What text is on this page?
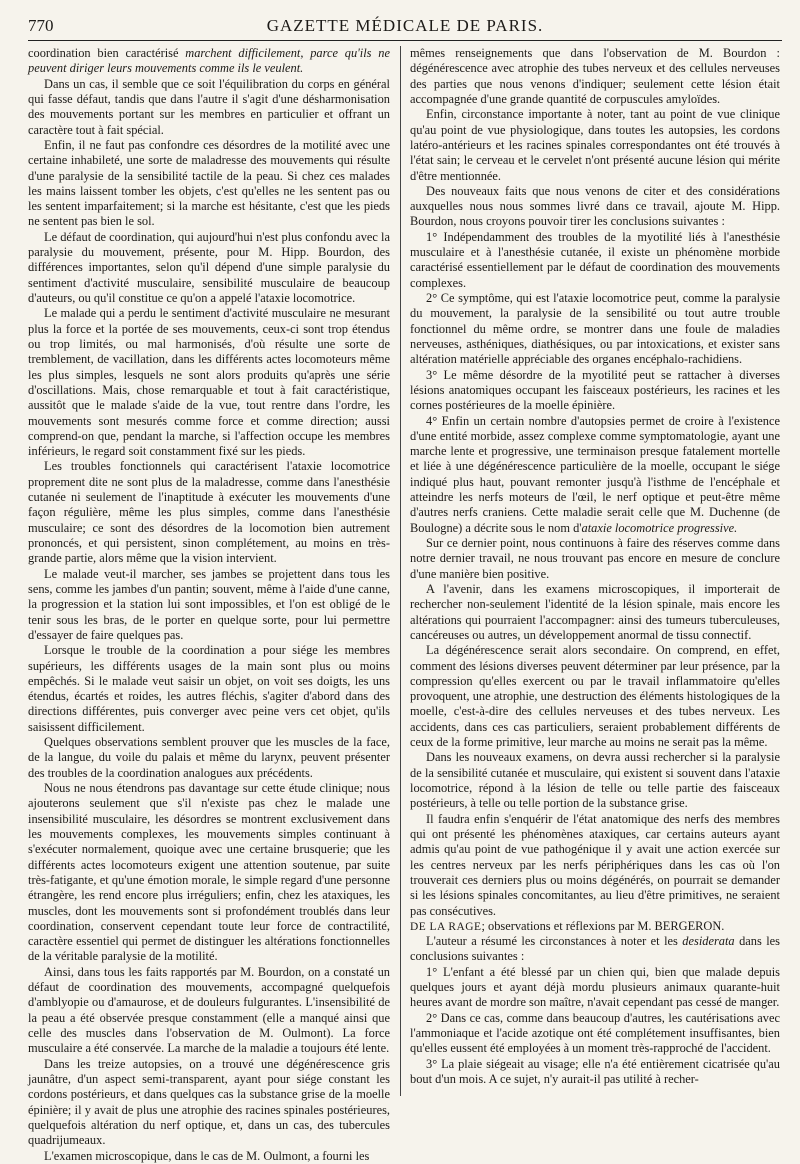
770	GAZETTE MÉDICALE DE PARIS.

coordination bien caractérisé marchent difficilement, parce qu'ils ne peuvent diriger leurs mouvements comme ils le veulent.

Dans un cas, il semble que ce soit l'équilibration du corps en général qui fasse défaut, tandis que dans l'autre il s'agit d'une désharmonisation des mouvements portant sur les membres en particulier et offrant un caractère tout à fait spécial.

Enfin, il ne faut pas confondre ces désordres de la motilité avec une certaine inhabileté, une sorte de maladresse des mouvements qui résulte d'une paralysie de la sensibilité tactile de la peau. Si chez ces malades les mains laissent tomber les objets, c'est qu'elles ne les sentent pas ou les sentent imparfaitement; si la marche est hésitante, c'est que les pieds ne sentent pas bien le sol.

Le défaut de coordination, qui aujourd'hui n'est plus confondu avec la paralysie du mouvement, présente, pour M. Hipp. Bourdon, des différences importantes, selon qu'il dépend d'une simple paralysie du sentiment d'activité musculaire, sensibilité musculaire de beaucoup d'auteurs, ou qu'il constitue ce qu'on a appelé l'ataxie locomotrice.

Le malade qui a perdu le sentiment d'activité musculaire ne mesurant plus la force et la portée de ses mouvements, ceux-ci sont trop étendus ou trop limités, ou mal harmonisés, d'où résulte une sorte de tremblement, de vacillation, dans les différents actes locomoteurs même les plus simples, lesquels ne sont alors produits qu'après une série d'oscillations. Mais, chose remarquable et tout à fait caractéristique, aussitôt que le malade s'aide de la vue, tout rentre dans l'ordre, les mouvements sont mesurés comme force et comme direction; aussi comprend-on que, pendant la marche, si l'affection occupe les membres inférieurs, le regard soit constamment fixé sur les pieds.

Les troubles fonctionnels qui caractérisent l'ataxie locomotrice proprement dite ne sont plus de la maladresse, comme dans l'anesthésie cutanée ni seulement de l'inaptitude à exécuter les mouvements d'une façon régulière, même les plus simples, comme dans l'anesthésie musculaire; ce sont des désordres de la locomotion bien autrement prononcés, et qui persistent, sinon complétement, au moins en très-grande partie, alors même que la vision intervient.

Le malade veut-il marcher, ses jambes se projettent dans tous les sens, comme les jambes d'un pantin; souvent, même à l'aide d'une canne, la progression et la station lui sont impossibles, et l'on est obligé de le tenir sous les bras, de le porter en quelque sorte, pour lui permettre d'essayer de faire quelques pas.

Lorsque le trouble de la coordination a pour siége les membres supérieurs, les différents usages de la main sont plus ou moins empêchés. Si le malade veut saisir un objet, on voit ses doigts, les uns étendus, écartés et roides, les autres fléchis, s'agiter d'abord dans des directions différentes, puis converger avec peine vers cet objet, qu'ils saisissent difficilement.

Quelques observations semblent prouver que les muscles de la face, de la langue, du voile du palais et même du larynx, peuvent présenter des troubles de la coordination analogues aux précédents.

Nous ne nous étendrons pas davantage sur cette étude clinique; nous ajouterons seulement que s'il n'existe pas chez le malade une insensibilité musculaire, les désordres se montrent exclusivement dans les mouvements complexes, les mouvements simples continuant à s'exécuter normalement, quoique avec une certaine brusquerie; que les différents actes locomoteurs exigent une attention soutenue, par suite très-fatigante, et qu'une émotion morale, le simple regard d'une personne étrangère, les rend encore plus irréguliers; enfin, chez les ataxiques, les muscles, dont les mouvements sont si profondément troublés dans leur coordination, conservent cependant toute leur force de contractilité, caractère essentiel qui permet de distinguer les altérations fonctionnelles de la véritable paralysie de la motilité.

Ainsi, dans tous les faits rapportés par M. Bourdon, on a constaté un défaut de coordination des mouvements, accompagné quelquefois d'amblyopie ou d'amaurose, et de douleurs fulgurantes. L'insensibilité de la peau a été observée presque constamment (elle a manqué ainsi que celle des muscles dans l'observation de M. Oulmont). La force musculaire a été conservée. La marche de la maladie a toujours été lente.

Dans les treize autopsies, on a trouvé une dégénérescence gris jaunâtre, d'un aspect semi-transparent, ayant pour siége constant les cordons postérieurs, et dans quelques cas la substance grise de la moelle épinière; il y avait de plus une atrophie des racines spinales postérieures, quelquefois altération du nerf optique, et, dans un cas, des tubercules quadrijumeaux.

L'examen microscopique, dans le cas de M. Oulmont, a fourni les

mêmes renseignements que dans l'observation de M. Bourdon : dégénérescence avec atrophie des tubes nerveux et des cellules nerveuses des parties que nous venons d'indiquer; seulement cette lésion était accompagnée d'une grande quantité de corpuscules amyloïdes.

Enfin, circonstance importante à noter, tant au point de vue clinique qu'au point de vue physiologique, dans toutes les autopsies, les cordons latéro-antérieurs et les racines spinales correspondantes ont été trouvés à l'état sain; le cerveau et le cervelet n'ont présenté aucune lésion qui mérite d'être mentionnée.

Des nouveaux faits que nous venons de citer et des considérations auxquelles nous nous sommes livré dans ce travail, ajoute M. Hipp. Bourdon, nous croyons pouvoir tirer les conclusions suivantes :

1° Indépendamment des troubles de la myotilité liés à l'anesthésie musculaire et à l'anesthésie cutanée, il existe un phénomène morbide caractérisé essentiellement par le défaut de coordination des mouvements complexes.

2° Ce symptôme, qui est l'ataxie locomotrice peut, comme la paralysie du mouvement, la paralysie de la sensibilité ou tout autre trouble fonctionnel du même ordre, se montrer dans une foule de maladies nerveuses, asthéniques, diathésiques, ou par intoxications, et exister sans altération matérielle appréciable des organes encéphalo-rachidiens.

3° Le même désordre de la myotilité peut se rattacher à diverses lésions anatomiques occupant les faisceaux postérieurs, les racines et les cornes postérieures de la moelle épinière.

4° Enfin un certain nombre d'autopsies permet de croire à l'existence d'une entité morbide, assez complexe comme symptomatologie, ayant une marche lente et progressive, une terminaison presque fatalement mortelle et liée à une dégénérescence particulière de la moelle, occupant le siége indiqué plus haut, pouvant remonter jusqu'à l'isthme de l'encéphale et atteindre les nerfs moteurs de l'œil, le nerf optique et peut-être même d'autres nerfs craniens. Cette maladie serait celle que M. Duchenne (de Boulogne) a décrite sous le nom d'ataxie locomotrice progressive.

Sur ce dernier point, nous continuons à faire des réserves comme dans notre dernier travail, ne nous trouvant pas encore en mesure de conclure d'une manière bien positive.

A l'avenir, dans les examens microscopiques, il importerait de rechercher non-seulement l'identité de la lésion spinale, mais encore les altérations qui pourraient l'accompagner: ainsi des tumeurs tuberculeuses, cancéreuses ou autres, un développement anormal de tissu connectif.

La dégénérescence serait alors secondaire. On comprend, en effet, comment des lésions diverses peuvent déterminer par leur présence, par la compression qu'elles exercent ou par le travail inflammatoire qu'elles provoquent, une atrophie, une destruction des éléments histologiques de la moelle, c'est-à-dire des cellules nerveuses et des tubes nerveux. Les accidents, dans ces cas particuliers, seraient probablement différents de ceux de la forme primitive, leur marche au moins ne serait pas la même.

Dans les nouveaux examens, on devra aussi rechercher si la paralysie de la sensibilité cutanée et musculaire, qui existent si souvent dans l'ataxie locomotrice, répond à la lésion de telle ou telle partie des faisceaux postérieurs, à telle ou telle portion de la substance grise.

Il faudra enfin s'enquérir de l'état anatomique des nerfs des membres qui ont présenté les phénomènes ataxiques, car certains auteurs ayant admis qu'au point de vue pathogénique il y avait une action exercée sur les centres nerveux par les nerfs périphériques dans les cas où l'on trouverait ces derniers plus ou moins dégénérés, on pourrait se demander si les lésions spinales concomitantes, au lieu d'être primitives, ne seraient pas consécutives.

DE LA RAGE; observations et réflexions par M. BERGERON.

L'auteur a résumé les circonstances à noter et les desiderata dans les conclusions suivantes :

1° L'enfant a été blessé par un chien qui, bien que malade depuis quelques jours et ayant déjà mordu plusieurs animaux quarante-huit heures avant de mordre son maître, n'avait cependant pas cessé de manger.

2° Dans ce cas, comme dans beaucoup d'autres, les cautérisations avec l'ammoniaque et l'acide azotique ont été complétement insuffisantes, bien qu'elles eussent été employées à un moment très-rapproché de l'accident.

3° La plaie siégeait au visage; elle n'a été entièrement cicatrisée qu'au bout d'un mois. A ce sujet, n'y aurait-il pas utilité à recher-
